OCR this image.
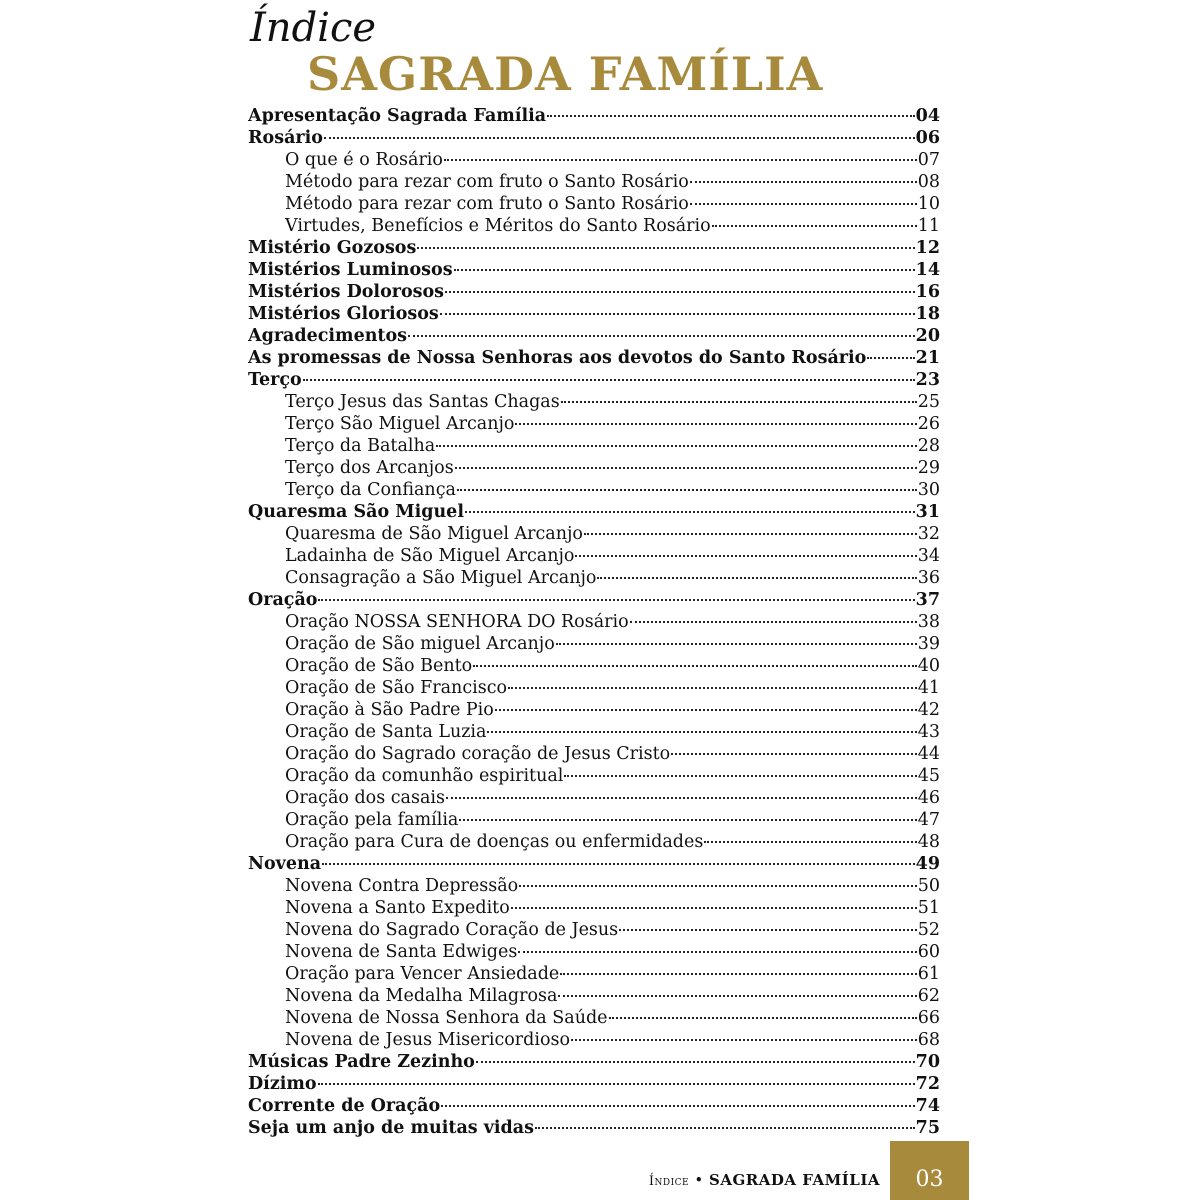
Índice
SAGRADA FAMÍLIA
Apresentação Sagrada Família	04
Rosário	06
O que é o Rosário	07
Método para rezar com fruto o Santo Rosário	08
Método para rezar com fruto o Santo Rosário	10
Virtudes, Benefícios e Méritos do Santo Rosário	11
Mistério Gozosos	12
Mistérios Luminosos	14
Mistérios Dolorosos	16
Mistérios Gloriosos	18
Agradecimentos	20
As promessas de Nossa Senhoras aos devotos do Santo Rosário	21
Terço	23
Terço Jesus das Santas Chagas	25
Terço São Miguel Arcanjo	26
Terço da Batalha	28
Terço dos Arcanjos	29
Terço da Confiança	30
Quaresma São Miguel	31
Quaresma de São Miguel Arcanjo	32
Ladainha de São Miguel Arcanjo	34
Consagração a São Miguel Arcanjo	36
Oração	37
Oração NOSSA SENHORA DO Rosário	38
Oração de São miguel Arcanjo	39
Oração de São Bento	40
Oração de São Francisco	41
Oração à São Padre Pio	42
Oração de Santa Luzia	43
Oração do Sagrado coração de Jesus Cristo	44
Oração da comunhão espiritual	45
Oração dos casais	46
Oração pela família	47
Oração para Cura de doenças ou enfermidades	48
Novena	49
Novena Contra Depressão	50
Novena a Santo Expedito	51
Novena do Sagrado Coração de Jesus	52
Novena de Santa Edwiges	60
Oração para Vencer Ansiedade	61
Novena da Medalha Milagrosa	62
Novena de Nossa Senhora da Saúde	66
Novena de Jesus Misericordioso	68
Músicas Padre Zezinho	70
Dízimo	72
Corrente de Oração	74
Seja um anjo de muitas vidas	75
Índice • SAGRADA FAMÍLIA	03
